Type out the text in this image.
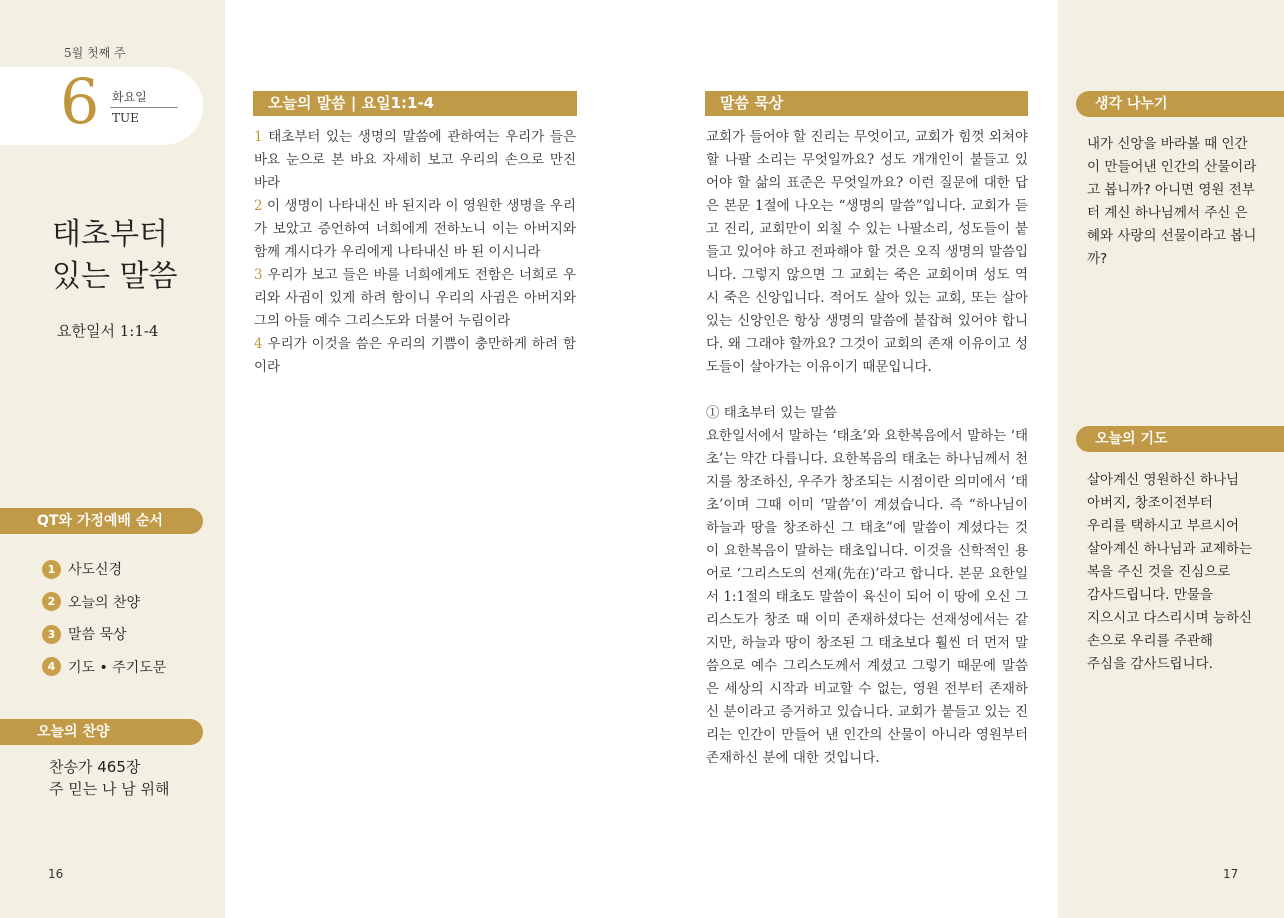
5월 첫째 주
6 화요일
TUE
태초부터
있는 말씀
요한일서 1:1-4
QT와 가정예배 순서
1 사도신경
2 오늘의 찬양
3 말씀 묵상
4 기도 • 주기도문
오늘의 찬양
찬송가 465장
주 믿는 나 남 위해
16
오늘의 말씀 | 요일1:1-4
1 태초부터 있는 생명의 말씀에 관하여는 우리가 들은 바요 눈으로 본 바요 자세히 보고 우리의 손으로 만진 바라
2 이 생명이 나타내신 바 된지라 이 영원한 생명을 우리가 보았고 증언하여 너희에게 전하노니 이는 아버지와 함께 계시다가 우리에게 나타내신 바 된 이시니라
3 우리가 보고 들은 바를 너희에게도 전함은 너희로 우리와 사귐이 있게 하려 함이니 우리의 사귐은 아버지와 그의 아들 예수 그리스도와 더불어 누림이라
4 우리가 이것을 씀은 우리의 기쁨이 충만하게 하려 함이라
말씀 묵상

교회가 들어야 할 진리는 무엇이고, 교회가 힘껏 외쳐야 할 나팔 소리는 무엇일까요? 성도 개개인이 붙들고 있어야 할 삶의 표준은 무엇일까요? 이런 질문에 대한 답은 본문 1절에 나오는 “생명의 말씀”입니다. 교회가 듣고 진리, 교회만이 외칠 수 있는 나팔소리, 성도들이 붙들고 있어야 하고 전파해야 할 것은 오직 생명의 말씀입니다. 그렇지 않으면 그 교회는 죽은 교회이며 성도 역시 죽은 신앙입니다. 적어도 살아 있는 교회, 또는 살아 있는 신앙인은 항상 생명의 말씀에 붙잡혀 있어야 합니다. 왜 그래야 할까요? 그것이 교회의 존재 이유이고 성도들이 살아가는 이유이기 때문입니다.

① 태초부터 있는 말씀

요한일서에서 말하는 ‘태초’와 요한복음에서 말하는 ‘태초’는 약간 다릅니다. 요한복음의 태초는 하나님께서 천지를 창조하신, 우주가 창조되는 시점이란 의미에서 ‘태초’이며 그때 이미 ‘말씀’이 계셨습니다. 즉 “하나님이 하늘과 땅을 창조하신 그 태초”에 말씀이 계셨다는 것이 요한복음이 말하는 태초입니다. 이것을 신학적인 용어로 ‘그리스도의 선재(先在)’라고 합니다. 본문 요한일서 1:1절의 태초도 말씀이 육신이 되어 이 땅에 오신 그리스도가 창조 때 이미 존재하셨다는 선재성에서는 같지만, 하늘과 땅이 창조된 그 태초보다 훨씬 더 먼저 말씀으로 예수 그리스도께서 계셨고 그렇기 때문에 말씀은 세상의 시작과 비교할 수 없는, 영원 전부터 존재하신 분이라고 증거하고 있습니다. 교회가 붙들고 있는 진리는 인간이 만들어 낸 인간의 산물이 아니라 영원부터 존재하신 분에 대한 것입니다.

생각 나누기
내가 신앙을 바라볼 때 인간이 만들어낸 인간의 산물이라고 봅니까? 아니면 영원 전부터 계신 하나님께서 주신 은혜와 사랑의 선물이라고 봅니까?
오늘의 기도
살아계신 영원하신 하나님
아버지, 창조이전부터
우리를 택하시고 부르시어
살아계신 하나님과 교제하는
복을 주신 것을 진심으로
감사드립니다. 만물을
지으시고 다스리시며 능하신
손으로 우리를 주관해
주심을 감사드립니다.
17
